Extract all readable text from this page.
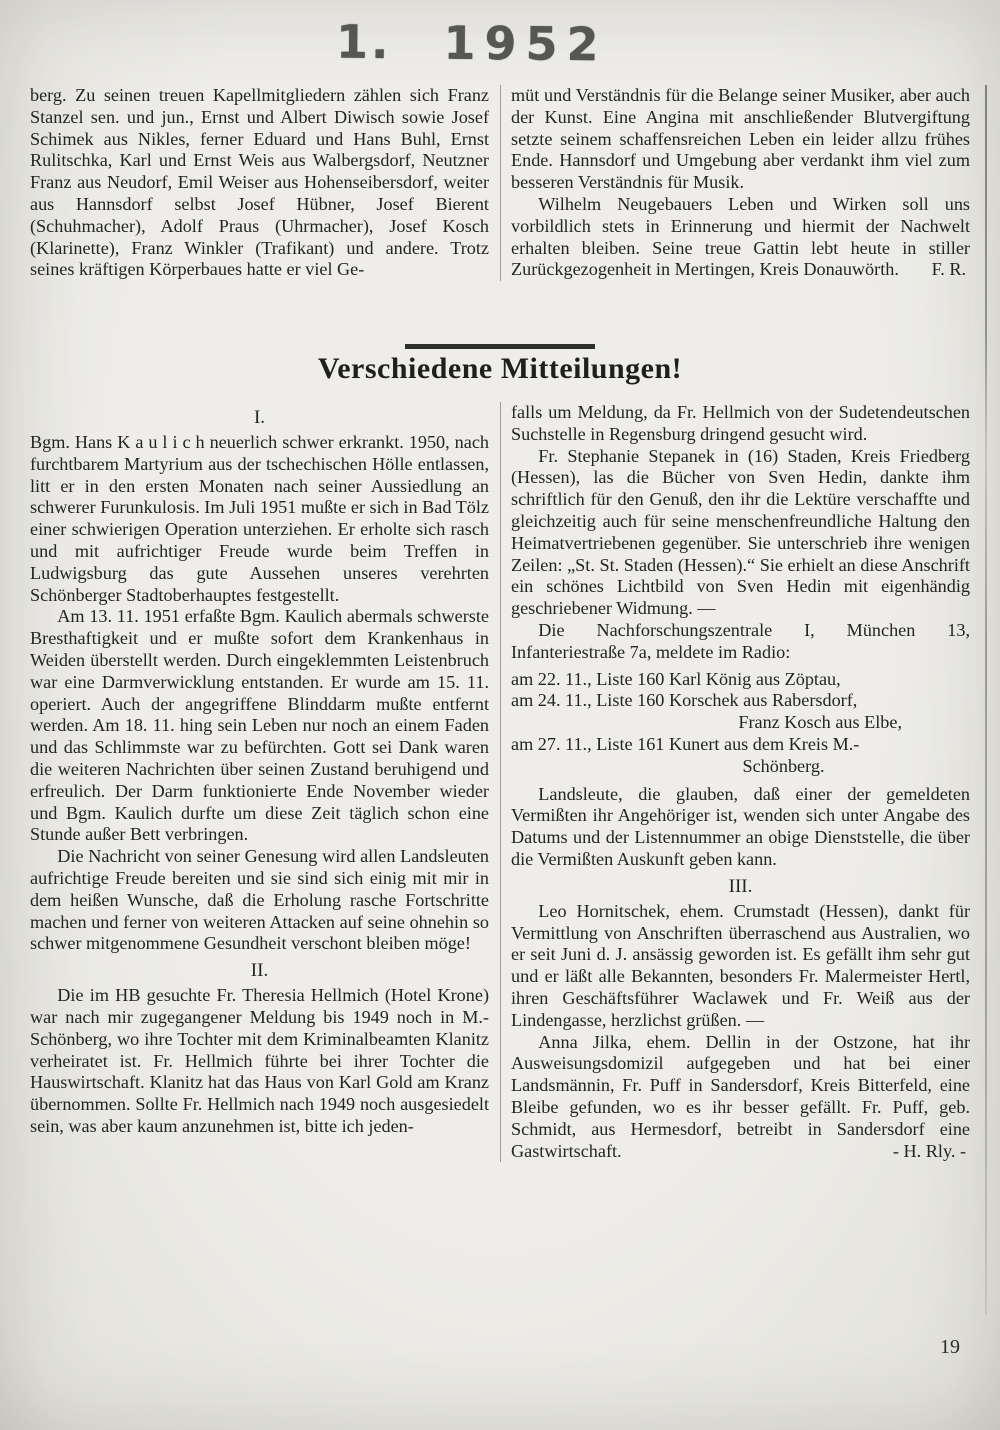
1. 1952

berg. Zu seinen treuen Kapellmitgliedern zählen sich Franz Stanzel sen. und jun., Ernst und Albert Diwisch sowie Josef Schimek aus Nikles, ferner Eduard und Hans Buhl, Ernst Rulitschka, Karl und Ernst Weis aus Walbergsdorf, Neutzner Franz aus Neudorf, Emil Weiser aus Hohenseibersdorf, weiter aus Hannsdorf selbst Josef Hübner, Josef Bierent (Schuhmacher), Adolf Praus (Uhrmacher), Josef Kosch (Klarinette), Franz Winkler (Trafikant) und andere. Trotz seines kräftigen Körperbaues hatte er viel Ge-

müt und Verständnis für die Belange seiner Musiker, aber auch der Kunst. Eine Angina mit anschließender Blutvergiftung setzte seinem schaffensreichen Leben ein leider allzu frühes Ende. Hannsdorf und Umgebung aber verdankt ihm viel zum besseren Verständnis für Musik.

Wilhelm Neugebauers Leben und Wirken soll uns vorbildlich stets in Erinnerung und hiermit der Nachwelt erhalten bleiben. Seine treue Gattin lebt heute in stiller Zurückgezogenheit in Mertingen, Kreis Donauwörth.	F. R.

Verschiedene Mitteilungen!
I.

Bgm. Hans K a u l i c h neuerlich schwer erkrankt. 1950, nach furchtbarem Martyrium aus der tschechischen Hölle entlassen, litt er in den ersten Monaten nach seiner Aussiedlung an schwerer Furunkulosis. Im Juli 1951 mußte er sich in Bad Tölz einer schwierigen Operation unterziehen. Er erholte sich rasch und mit aufrichtiger Freude wurde beim Treffen in Ludwigsburg das gute Aussehen unseres verehrten Schönberger Stadtoberhauptes festgestellt.

Am 13. 11. 1951 erfaßte Bgm. Kaulich abermals schwerste Bresthaftigkeit und er mußte sofort dem Krankenhaus in Weiden überstellt werden. Durch eingeklemmten Leistenbruch war eine Darmverwicklung entstanden. Er wurde am 15. 11. operiert. Auch der angegriffene Blinddarm mußte entfernt werden. Am 18. 11. hing sein Leben nur noch an einem Faden und das Schlimmste war zu befürchten. Gott sei Dank waren die weiteren Nachrichten über seinen Zustand beruhigend und erfreulich. Der Darm funktionierte Ende November wieder und Bgm. Kaulich durfte um diese Zeit täglich schon eine Stunde außer Bett verbringen.

Die Nachricht von seiner Genesung wird allen Landsleuten aufrichtige Freude bereiten und sie sind sich einig mit mir in dem heißen Wunsche, daß die Erholung rasche Fortschritte machen und ferner von weiteren Attacken auf seine ohnehin so schwer mitgenommene Gesundheit verschont bleiben möge!

II.

Die im HB gesuchte Fr. Theresia Hellmich (Hotel Krone) war nach mir zugegangener Meldung bis 1949 noch in M.-Schönberg, wo ihre Tochter mit dem Kriminalbeamten Klanitz verheiratet ist. Fr. Hellmich führte bei ihrer Tochter die Hauswirtschaft. Klanitz hat das Haus von Karl Gold am Kranz übernommen. Sollte Fr. Hellmich nach 1949 noch ausgesiedelt sein, was aber kaum anzunehmen ist, bitte ich jeden-

falls um Meldung, da Fr. Hellmich von der Sudetendeutschen Suchstelle in Regensburg dringend gesucht wird.

Fr. Stephanie Stepanek in (16) Staden, Kreis Friedberg (Hessen), las die Bücher von Sven Hedin, dankte ihm schriftlich für den Genuß, den ihr die Lektüre verschaffte und gleichzeitig auch für seine menschenfreundliche Haltung den Heimatvertriebenen gegenüber. Sie unterschrieb ihre wenigen Zeilen: „St. St. Staden (Hessen).“ Sie erhielt an diese Anschrift ein schönes Lichtbild von Sven Hedin mit eigenhändig geschriebener Widmung. —

Die Nachforschungszentrale I, München 13, Infanteriestraße 7a, meldete im Radio:

am 22. 11., Liste 160 Karl König aus Zöptau,

am 24. 11., Liste 160 Korschek aus Rabersdorf,

Franz Kosch aus Elbe,

am 27. 11., Liste 161 Kunert aus dem Kreis M.-

Schönberg.

Landsleute, die glauben, daß einer der gemeldeten Vermißten ihr Angehöriger ist, wenden sich unter Angabe des Datums und der Listennummer an obige Dienststelle, die über die Vermißten Auskunft geben kann.

III.

Leo Hornitschek, ehem. Crumstadt (Hessen), dankt für Vermittlung von Anschriften überraschend aus Australien, wo er seit Juni d. J. ansässig geworden ist. Es gefällt ihm sehr gut und er läßt alle Bekannten, besonders Fr. Malermeister Hertl, ihren Geschäftsführer Waclawek und Fr. Weiß aus der Lindengasse, herzlichst grüßen. —

Anna Jilka, ehem. Dellin in der Ostzone, hat ihr Ausweisungsdomizil aufgegeben und hat bei einer Landsmännin, Fr. Puff in Sandersdorf, Kreis Bitterfeld, eine Bleibe gefunden, wo es ihr besser gefällt. Fr. Puff, geb. Schmidt, aus Hermesdorf, betreibt in Sandersdorf eine Gastwirtschaft.	- H. Rly. -

19
